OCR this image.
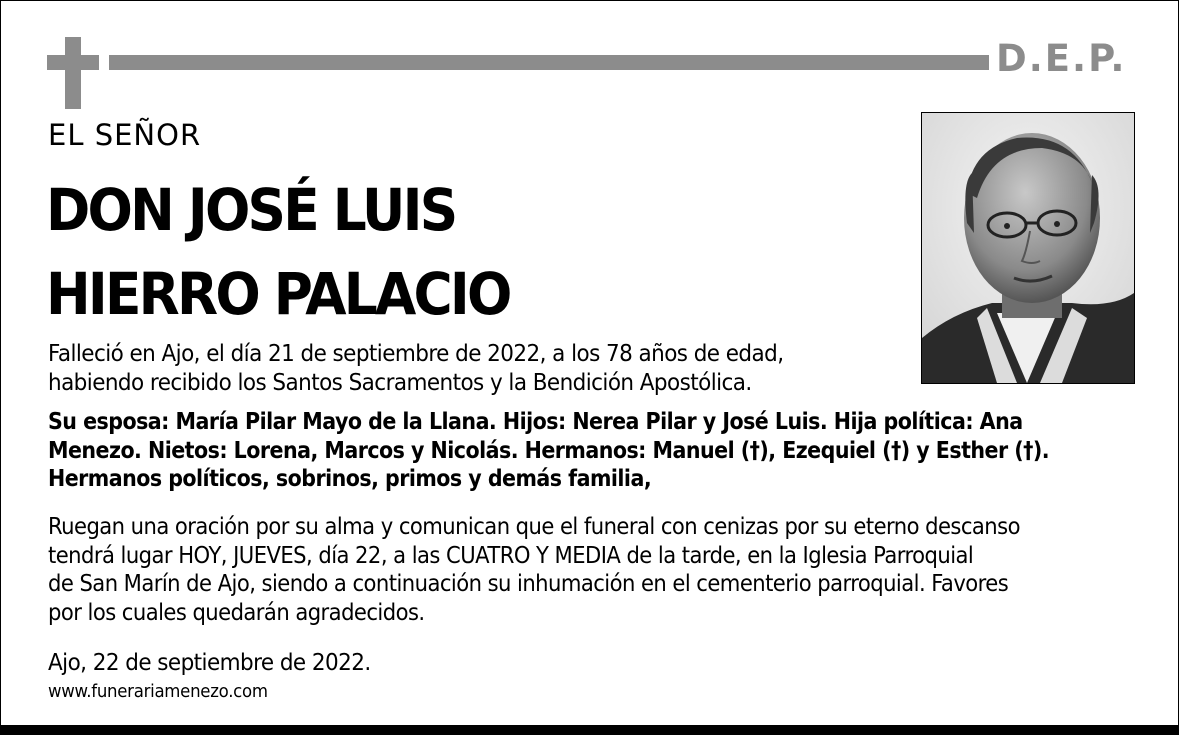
D.E.P.
EL SEÑOR
DON JOSÉ LUIS
HIERRO PALACIO
Falleció en Ajo, el día 21 de septiembre de 2022, a los 78 años de edad,
habiendo recibido los Santos Sacramentos y la Bendición Apostólica.
Su esposa: María Pilar Mayo de la Llana. Hijos: Nerea Pilar y José Luis. Hija política: Ana
Menezo. Nietos: Lorena, Marcos y Nicolás. Hermanos: Manuel (†), Ezequiel (†) y Esther (†).
Hermanos políticos, sobrinos, primos y demás familia,
Ruegan una oración por su alma y comunican que el funeral con cenizas por su eterno descanso
tendrá lugar HOY, JUEVES, día 22, a las CUATRO Y MEDIA de la tarde, en la Iglesia Parroquial
de San Marín de Ajo, siendo a continuación su inhumación en el cementerio parroquial. Favores
por los cuales quedarán agradecidos.
Ajo, 22 de septiembre de 2022.
www.funerariamenezo.com
